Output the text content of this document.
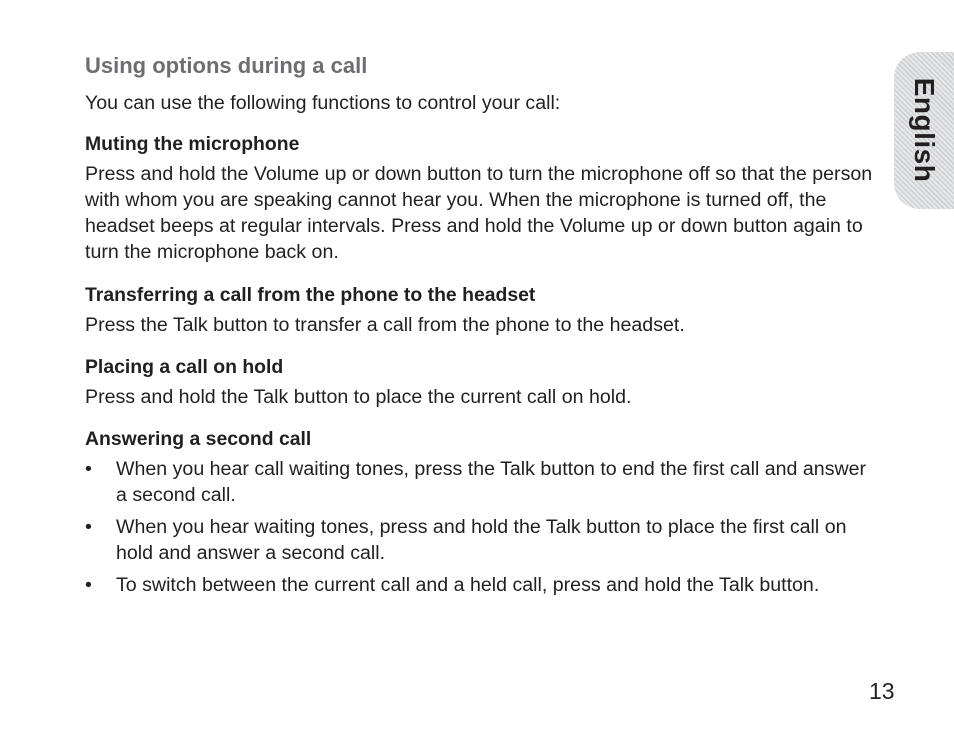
Using options during a call

You can use the following functions to control your call:

Muting the microphone

Press and hold the Volume up or down button to turn the microphone off so that the person with whom you are speaking cannot hear you. When the microphone is turned off, the headset beeps at regular intervals. Press and hold the Volume up or down button again to turn the microphone back on.

Transferring a call from the phone to the headset

Press the Talk button to transfer a call from the phone to the headset.

Placing a call on hold

Press and hold the Talk button to place the current call on hold.

Answering a second call
• When you hear call waiting tones, press the Talk button to end the first call and answer a second call.
• When you hear waiting tones, press and hold the Talk button to place the first call on hold and answer a second call.
• To switch between the current call and a held call, press and hold the Talk button.
English
13
